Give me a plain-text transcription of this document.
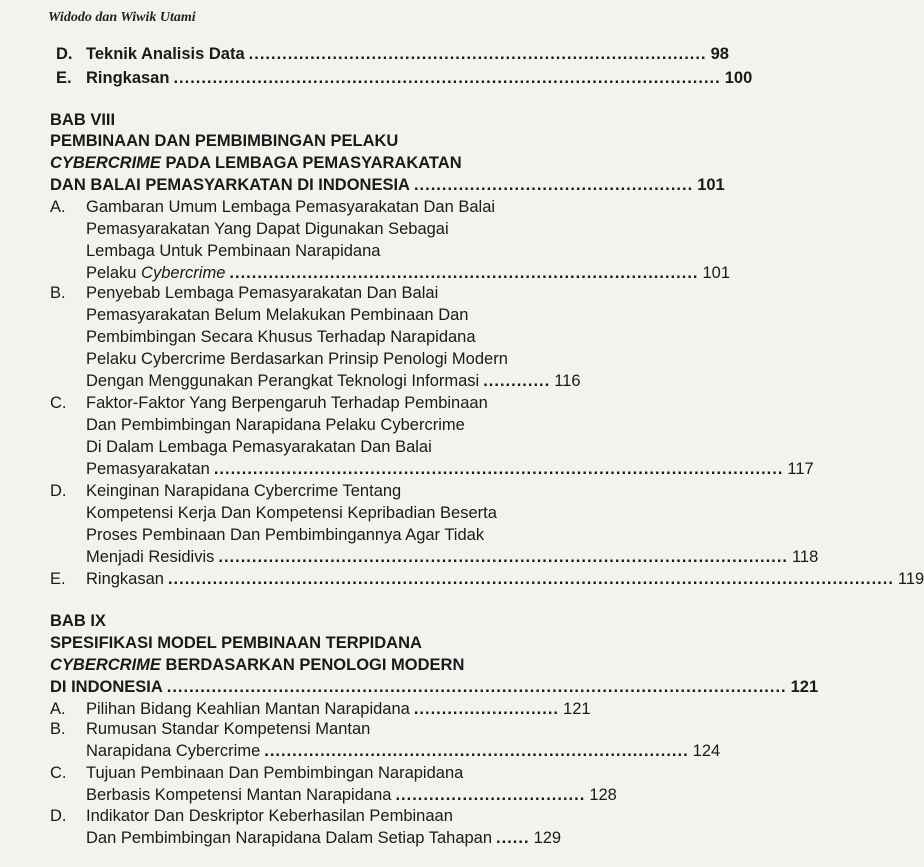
Widodo dan Wiwik Utami
D. Teknik Analisis Data .................................................................................. 98
E. Ringkasan .................................................................................................. 100
BAB VIII
PEMBINAAN DAN PEMBIMBINGAN PELAKU
CYBERCRIME PADA LEMBAGA PEMASYARAKATAN
DAN BALAI PEMASYARKATAN DI INDONESIA .................................................. 101
A. Gambaran Umum Lembaga Pemasyarakatan Dan Balai
Pemasyarakatan Yang Dapat Digunakan Sebagai
Lembaga Untuk Pembinaan Narapidana
Pelaku Cybercrime .................................................................................... 101
B. Penyebab Lembaga Pemasyarakatan Dan Balai
Pemasyarakatan Belum Melakukan Pembinaan Dan
Pembimbingan Secara Khusus Terhadap Narapidana
Pelaku Cybercrime Berdasarkan Prinsip Penologi Modern
Dengan Menggunakan Perangkat Teknologi Informasi ............ 116
C. Faktor-Faktor Yang Berpengaruh Terhadap Pembinaan
Dan Pembimbingan Narapidana Pelaku Cybercrime
Di Dalam Lembaga Pemasyarakatan Dan Balai
Pemasyarakatan ...................................................................................................... 117
D. Keinginan Narapidana Cybercrime Tentang
Kompetensi Kerja Dan Kompetensi Kepribadian Beserta
Proses Pembinaan Dan Pembimbingannya Agar Tidak
Menjadi Residivis ...................................................................................................... 118
E. Ringkasan .................................................................................................................................. 119
BAB IX
SPESIFIKASI MODEL PEMBINAAN TERPIDANA
CYBERCRIME BERDASARKAN PENOLOGI MODERN
DI INDONESIA ............................................................................................................... 121
A. Pilihan Bidang Keahlian Mantan Narapidana .......................... 121
B. Rumusan Standar Kompetensi Mantan
Narapidana Cybercrime ............................................................................ 124
C. Tujuan Pembinaan Dan Pembimbingan Narapidana
Berbasis Kompetensi Mantan Narapidana .................................. 128
D. Indikator Dan Deskriptor Keberhasilan Pembinaan
Dan Pembimbingan Narapidana Dalam Setiap Tahapan ...... 129
